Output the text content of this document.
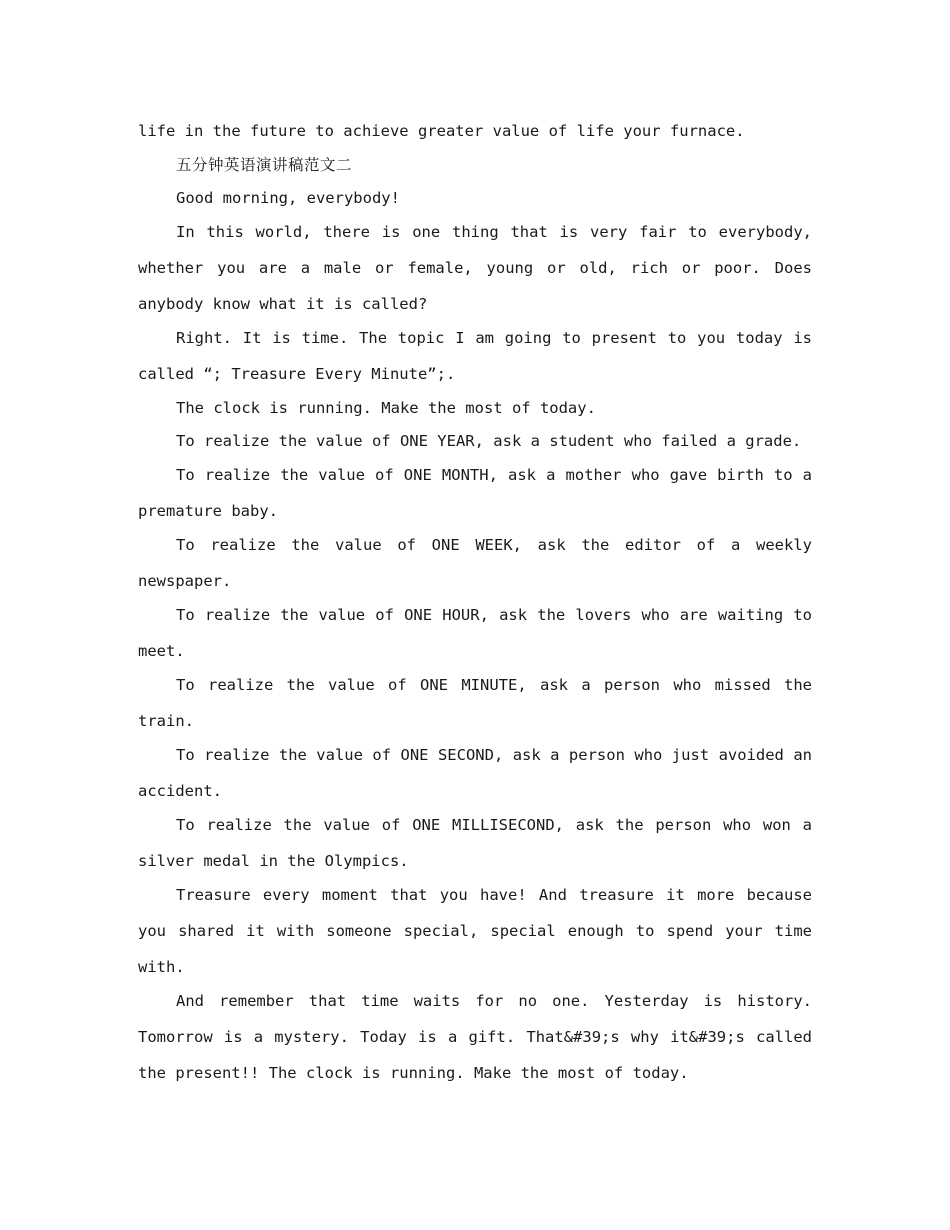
life in the future to achieve greater value of life your furnace.
五分钟英语演讲稿范文二
Good morning, everybody!
In this world, there is one thing that is very fair to everybody,
whether you are a male or female, young or old, rich or poor. Does
anybody know what it is called?
Right. It is time. The topic I am going to present to you today is
called “; Treasure Every Minute”;.
The clock is running. Make the most of today.
To realize the value of ONE YEAR, ask a student who failed a grade.
To realize the value of ONE MONTH, ask a mother who gave birth to a
premature baby.
To realize the value of ONE WEEK, ask the editor of a weekly
newspaper.
To realize the value of ONE HOUR, ask the lovers who are waiting to
meet.
To realize the value of ONE MINUTE, ask a person who missed the
train.
To realize the value of ONE SECOND, ask a person who just avoided an
accident.
To realize the value of ONE MILLISECOND, ask the person who won a
silver medal in the Olympics.
Treasure every moment that you have! And treasure it more because
you shared it with someone special, special enough to spend your time
with.
And remember that time waits for no one. Yesterday is history.
Tomorrow is a mystery. Today is a gift. That&#39;s why it&#39;s called
the present!! The clock is running. Make the most of today.
